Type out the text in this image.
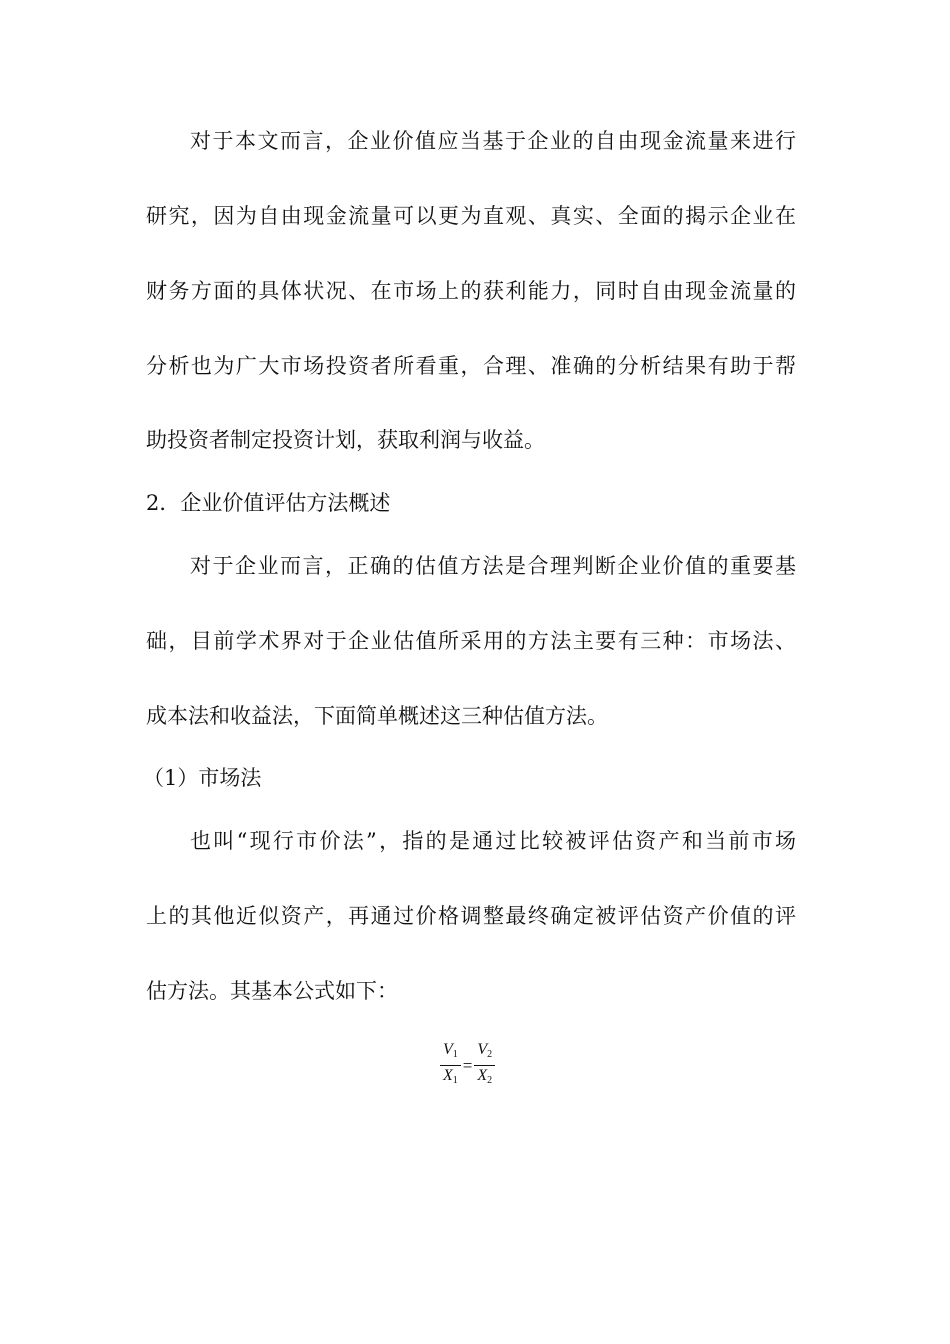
对于本文而言，企业价值应当基于企业的自由现金流量来进行
研究，因为自由现金流量可以更为直观、真实、全面的揭示企业在
财务方面的具体状况、在市场上的获利能力，同时自由现金流量的
分析也为广大市场投资者所看重，合理、准确的分析结果有助于帮
助投资者制定投资计划，获取利润与收益。
2．企业价值评估方法概述
对于企业而言，正确的估值方法是合理判断企业价值的重要基
础，目前学术界对于企业估值所采用的方法主要有三种：市场法、
成本法和收益法，下面简单概述这三种估值方法。
（1）市场法
也叫“现行市价法”，指的是通过比较被评估资产和当前市场
上的其他近似资产，再通过价格调整最终确定被评估资产价值的评
估方法。其基本公式如下：
$\frac{V_1}{X_1} = \frac{V_2}{X_2}$
